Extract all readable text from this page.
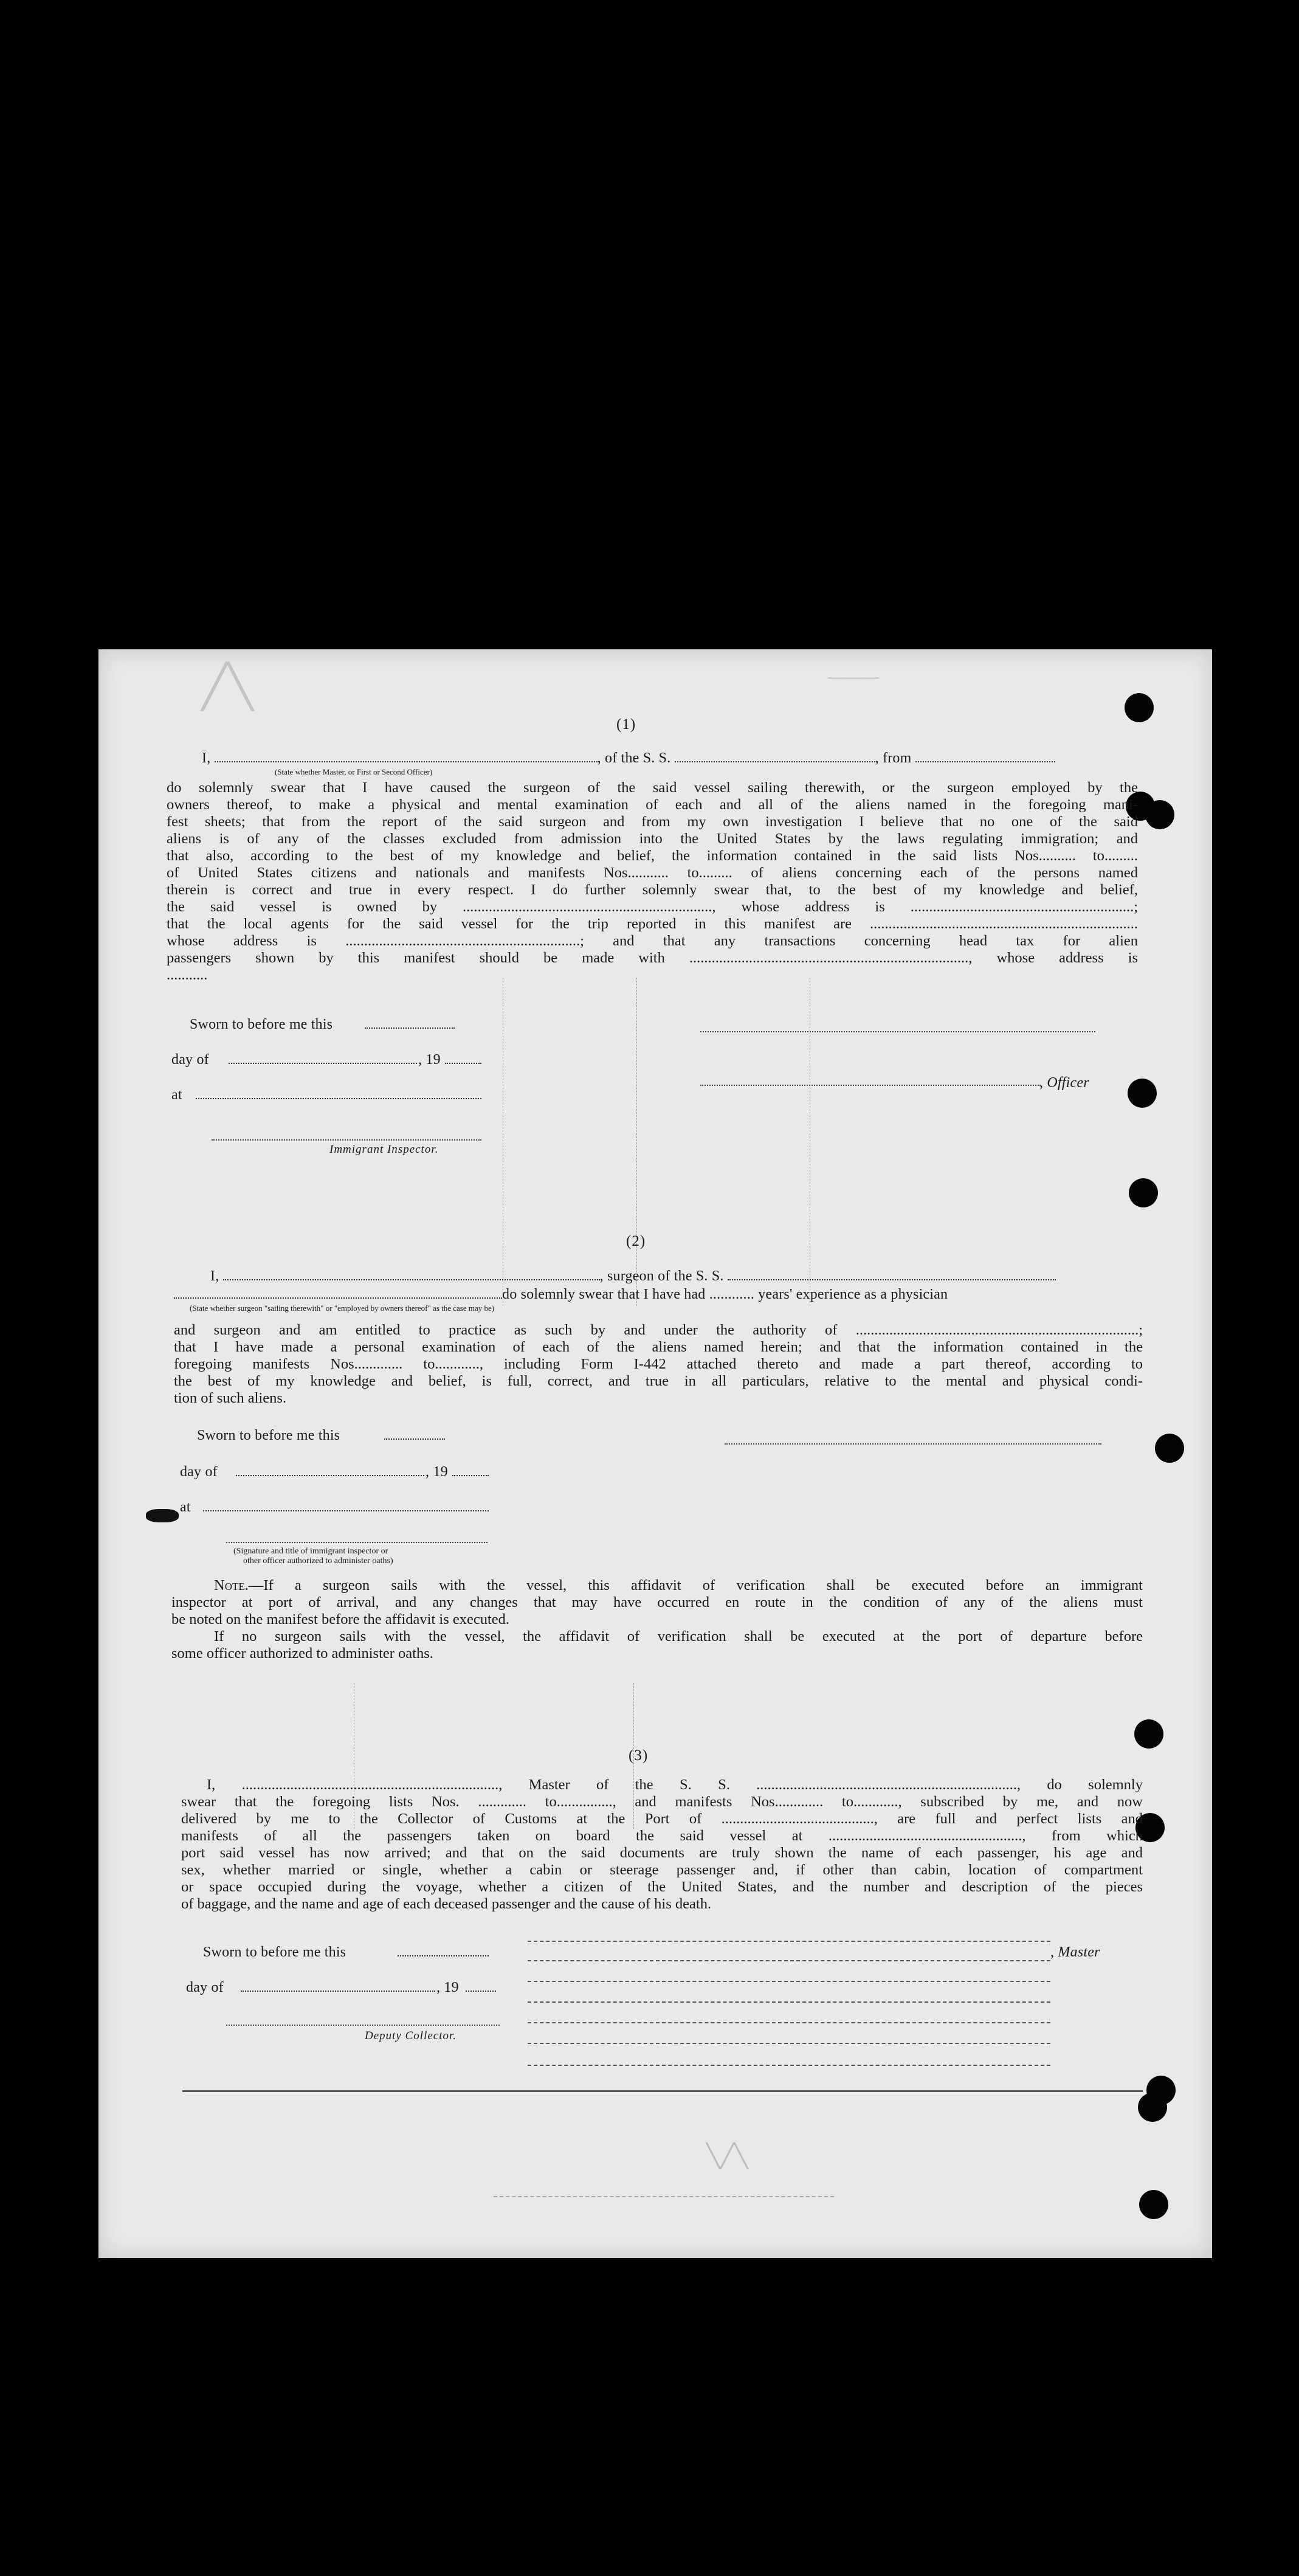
╱╲	―――
(1)
I,	, of the S. S.	, from
(State whether Master, or First or Second Officer)
do solemnly swear that I have caused the surgeon of the said vessel sailing therewith, or the surgeon employed by the
owners thereof, to make a physical and mental examination of each and all of the aliens named in the foregoing mani-
fest sheets; that from the report of the said surgeon and from my own investigation I believe that no one of the said
aliens is of any of the classes excluded from admission into the United States by the laws regulating immigration; and
that also, according to the best of my knowledge and belief, the information contained in the said lists Nos.......... to.........
of United States citizens and nationals and manifests Nos........... to......... of aliens concerning each of the persons named
therein is correct and true in every respect. I do further solemnly swear that, to the best of my knowledge and belief,
the said vessel is owned by ..................................................................., whose address is ............................................................;
that the local agents for the said vessel for the trip reported in this manifest are ........................................................................
whose address is ...............................................................; and that any transactions concerning head tax for alien
passengers shown by this manifest should be made with ..........................................................................., whose address is
...........
Sworn to before me this
day of	, 19
at
, Officer
Immigrant Inspector.
(2)
I,	, surgeon of the S. S.
do solemnly swear that I have had ............ years' experience as a physician
(State whether surgeon "sailing therewith" or "employed by owners thereof" as the case may be)
and surgeon and am entitled to practice as such by and under the authority of ............................................................................;
that I have made a personal examination of each of the aliens named herein; and that the information contained in the
foregoing manifests Nos............. to............, including Form I-442 attached thereto and made a part thereof, according to
the best of my knowledge and belief, is full, correct, and true in all particulars, relative to the mental and physical condi-
tion of such aliens.
Sworn to before me this
day of	, 19
at
(Signature and title of immigrant inspector or
other officer authorized to administer oaths)
Note.—If a surgeon sails with the vessel, this affidavit of verification shall be executed before an immigrant
inspector at port of arrival, and any changes that may have occurred en route in the condition of any of the aliens must
be noted on the manifest before the affidavit is executed.
If no surgeon sails with the vessel, the affidavit of verification shall be executed at the port of departure before
some officer authorized to administer oaths.
(3)
I, ....................................................................., Master of the S. S. ......................................................................, do solemnly
swear that the foregoing lists Nos. ............. to..............., and manifests Nos............. to............, subscribed by me, and now
delivered by me to the Collector of Customs at the Port of ........................................., are full and perfect lists and
manifests of all the passengers taken on board the said vessel at ...................................................., from which
port said vessel has now arrived; and that on the said documents are truly shown the name of each passenger, his age and
sex, whether married or single, whether a cabin or steerage passenger and, if other than cabin, location of compartment
or space occupied during the voyage, whether a citizen of the United States, and the number and description of the pieces
of baggage, and the name and age of each deceased passenger and the cause of his death.
Sworn to before me this	, Master
day of	, 19
Deputy Collector.
╲╱╲
